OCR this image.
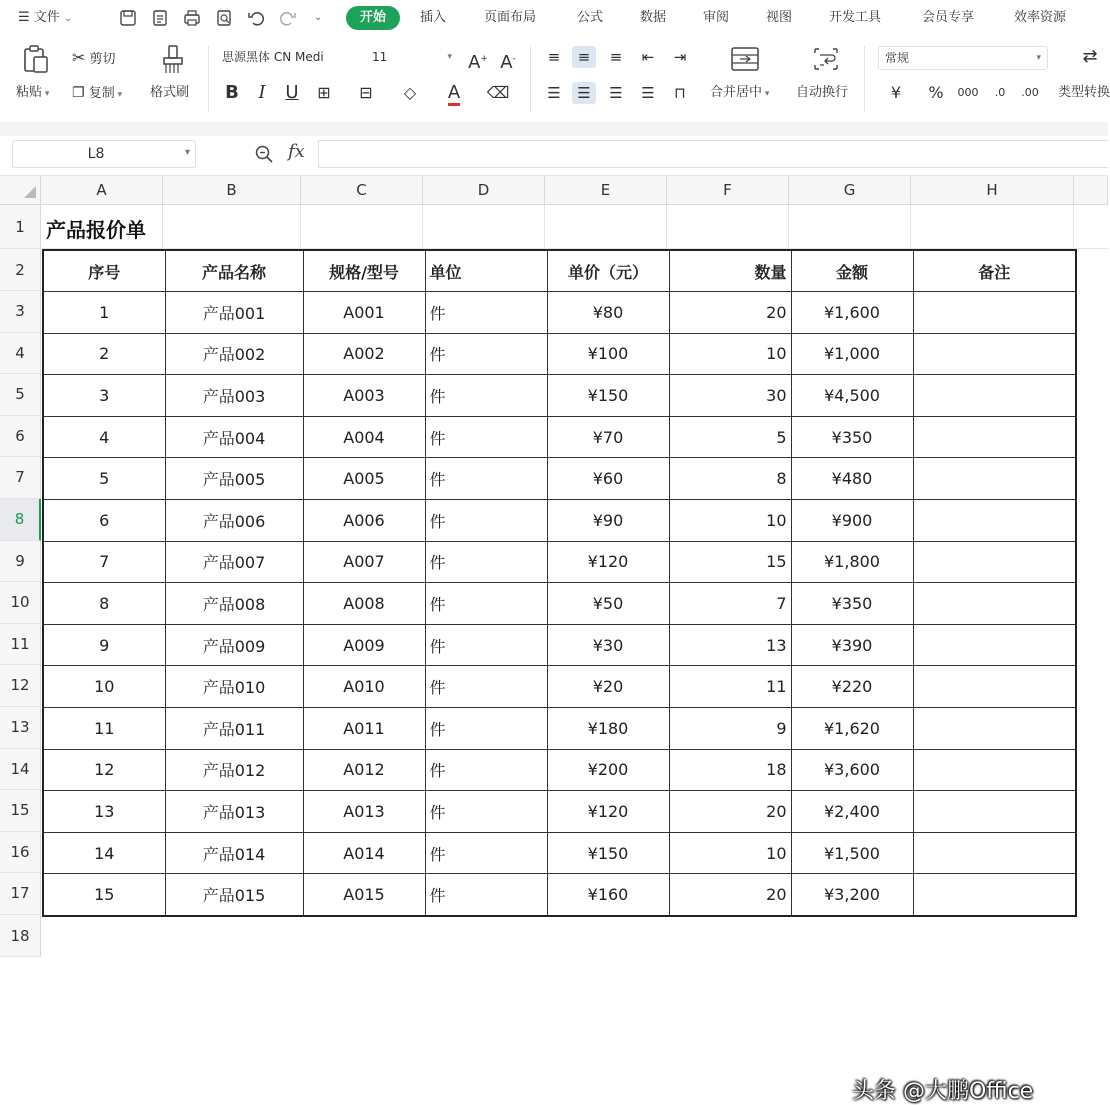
☰ 文件 ⌄	⌄	开始	插入	页面布局	公式	数据	审阅	视图	开发工具	会员专享	效率资源
粘贴 ▾
✂ 剪切
❐ 复制 ▾ 格式刷
思源黑体 CN Medi	11	▾ A+ A-
B	I	U	⊞	⊟	◇	A	⌫
≡	≡	≡	⇤	⇥
☰	☰	☰	☰	⊓	合并居中 ▾ 自动换行
常规	▾
¥	%	000	.0	.00
⇄
类型转换
L8	▾	fx
A	B	C	D	E	F	G	H
1
2
3
4
5
6
7
8
9
10
11
12
13
14
15
16
17
18
产品报价单
序号	产品名称	规格/型号	单位	单价（元）	数量	金额	备注
1	产品001	A001	件	¥80	20	¥1,600	
2	产品002	A002	件	¥100	10	¥1,000	
3	产品003	A003	件	¥150	30	¥4,500	
4	产品004	A004	件	¥70	5	¥350	
5	产品005	A005	件	¥60	8	¥480	
6	产品006	A006	件	¥90	10	¥900	
7	产品007	A007	件	¥120	15	¥1,800	
8	产品008	A008	件	¥50	7	¥350	
9	产品009	A009	件	¥30	13	¥390	
10	产品010	A010	件	¥20	11	¥220	
11	产品011	A011	件	¥180	9	¥1,620	
12	产品012	A012	件	¥200	18	¥3,600	
13	产品013	A013	件	¥120	20	¥2,400	
14	产品014	A014	件	¥150	10	¥1,500	
15	产品015	A015	件	¥160	20	¥3,200	
头条 @大鹏Office
